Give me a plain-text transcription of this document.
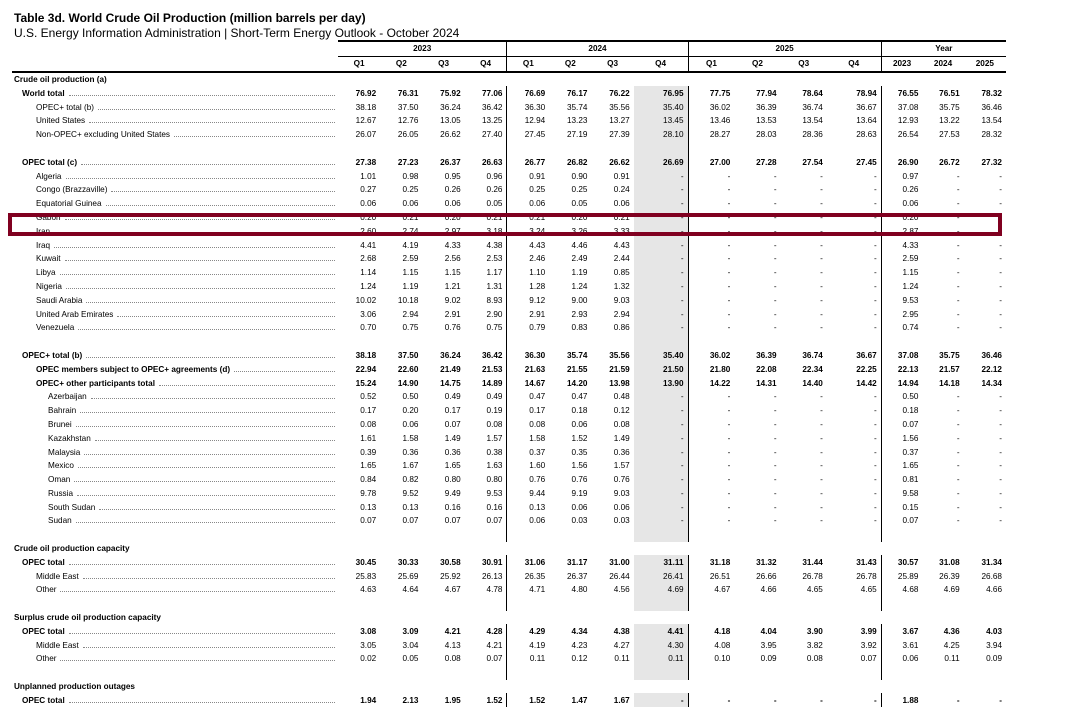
Table 3d. World Crude Oil Production (million barrels per day)
U.S. Energy Information Administration | Short-Term Energy Outlook - October 2024
	2023				2024				2025				Year		
	Q1	Q2	Q3	Q4	Q1	Q2	Q3	Q4	Q1	Q2	Q3	Q4	2023	2024	2025

Crude oil production (a)															

World total	76.92	76.31	75.92	77.06	76.69	76.17	76.22	76.95	77.75	77.94	78.64	78.94	76.55	76.51	78.32

OPEC+ total (b)	38.18	37.50	36.24	36.42	36.30	35.74	35.56	35.40	36.02	36.39	36.74	36.67	37.08	35.75	36.46

United States	12.67	12.76	13.05	13.25	12.94	13.23	13.27	13.45	13.46	13.53	13.54	13.64	12.93	13.22	13.54

Non-OPEC+ excluding United States	26.07	26.05	26.62	27.40	27.45	27.19	27.39	28.10	28.27	28.03	28.36	28.63	26.54	27.53	28.32

OPEC total (c)	27.38	27.23	26.37	26.63	26.77	26.82	26.62	26.69	27.00	27.28	27.54	27.45	26.90	26.72	27.32

Algeria	1.01	0.98	0.95	0.96	0.91	0.90	0.91	-	-	-	-	-	0.97	-	-

Congo (Brazzaville)	0.27	0.25	0.26	0.26	0.25	0.25	0.24	-	-	-	-	-	0.26	-	-

Equatorial Guinea	0.06	0.06	0.06	0.05	0.06	0.05	0.06	-	-	-	-	-	0.06	-	-

Gabon	0.20	0.21	0.20	0.21	0.21	0.20	0.21	-	-	-	-	-	0.20	-	-

Iran	2.60	2.74	2.97	3.18	3.24	3.26	3.33	-	-	-	-	-	2.87	-	-

Iraq	4.41	4.19	4.33	4.38	4.43	4.46	4.43	-	-	-	-	-	4.33	-	-

Kuwait	2.68	2.59	2.56	2.53	2.46	2.49	2.44	-	-	-	-	-	2.59	-	-

Libya	1.14	1.15	1.15	1.17	1.10	1.19	0.85	-	-	-	-	-	1.15	-	-

Nigeria	1.24	1.19	1.21	1.31	1.28	1.24	1.32	-	-	-	-	-	1.24	-	-

Saudi Arabia	10.02	10.18	9.02	8.93	9.12	9.00	9.03	-	-	-	-	-	9.53	-	-

United Arab Emirates	3.06	2.94	2.91	2.90	2.91	2.93	2.94	-	-	-	-	-	2.95	-	-

Venezuela	0.70	0.75	0.76	0.75	0.79	0.83	0.86	-	-	-	-	-	0.74	-	-

OPEC+ total (b)	38.18	37.50	36.24	36.42	36.30	35.74	35.56	35.40	36.02	36.39	36.74	36.67	37.08	35.75	36.46

OPEC members subject to OPEC+ agreements (d)	22.94	22.60	21.49	21.53	21.63	21.55	21.59	21.50	21.80	22.08	22.34	22.25	22.13	21.57	22.12

OPEC+ other participants total	15.24	14.90	14.75	14.89	14.67	14.20	13.98	13.90	14.22	14.31	14.40	14.42	14.94	14.18	14.34

Azerbaijan	0.52	0.50	0.49	0.49	0.47	0.47	0.48	-	-	-	-	-	0.50	-	-

Bahrain	0.17	0.20	0.17	0.19	0.17	0.18	0.12	-	-	-	-	-	0.18	-	-

Brunei	0.08	0.06	0.07	0.08	0.08	0.06	0.08	-	-	-	-	-	0.07	-	-

Kazakhstan	1.61	1.58	1.49	1.57	1.58	1.52	1.49	-	-	-	-	-	1.56	-	-

Malaysia	0.39	0.36	0.36	0.38	0.37	0.35	0.36	-	-	-	-	-	0.37	-	-

Mexico	1.65	1.67	1.65	1.63	1.60	1.56	1.57	-	-	-	-	-	1.65	-	-

Oman	0.84	0.82	0.80	0.80	0.76	0.76	0.76	-	-	-	-	-	0.81	-	-

Russia	9.78	9.52	9.49	9.53	9.44	9.19	9.03	-	-	-	-	-	9.58	-	-

South Sudan	0.13	0.13	0.16	0.16	0.13	0.06	0.06	-	-	-	-	-	0.15	-	-

Sudan	0.07	0.07	0.07	0.07	0.06	0.03	0.03	-	-	-	-	-	0.07	-	-

Crude oil production capacity															

OPEC total	30.45	30.33	30.58	30.91	31.06	31.17	31.00	31.11	31.18	31.32	31.44	31.43	30.57	31.08	31.34

Middle East	25.83	25.69	25.92	26.13	26.35	26.37	26.44	26.41	26.51	26.66	26.78	26.78	25.89	26.39	26.68

Other	4.63	4.64	4.67	4.78	4.71	4.80	4.56	4.69	4.67	4.66	4.65	4.65	4.68	4.69	4.66

Surplus crude oil production capacity															

OPEC total	3.08	3.09	4.21	4.28	4.29	4.34	4.38	4.41	4.18	4.04	3.90	3.99	3.67	4.36	4.03

Middle East	3.05	3.04	4.13	4.21	4.19	4.23	4.27	4.30	4.08	3.95	3.82	3.92	3.61	4.25	3.94

Other	0.02	0.05	0.08	0.07	0.11	0.12	0.11	0.11	0.10	0.09	0.08	0.07	0.06	0.11	0.09

Unplanned production outages															

OPEC total	1.94	2.13	1.95	1.52	1.52	1.47	1.67	-	-	-	-	-	1.88	-	-
